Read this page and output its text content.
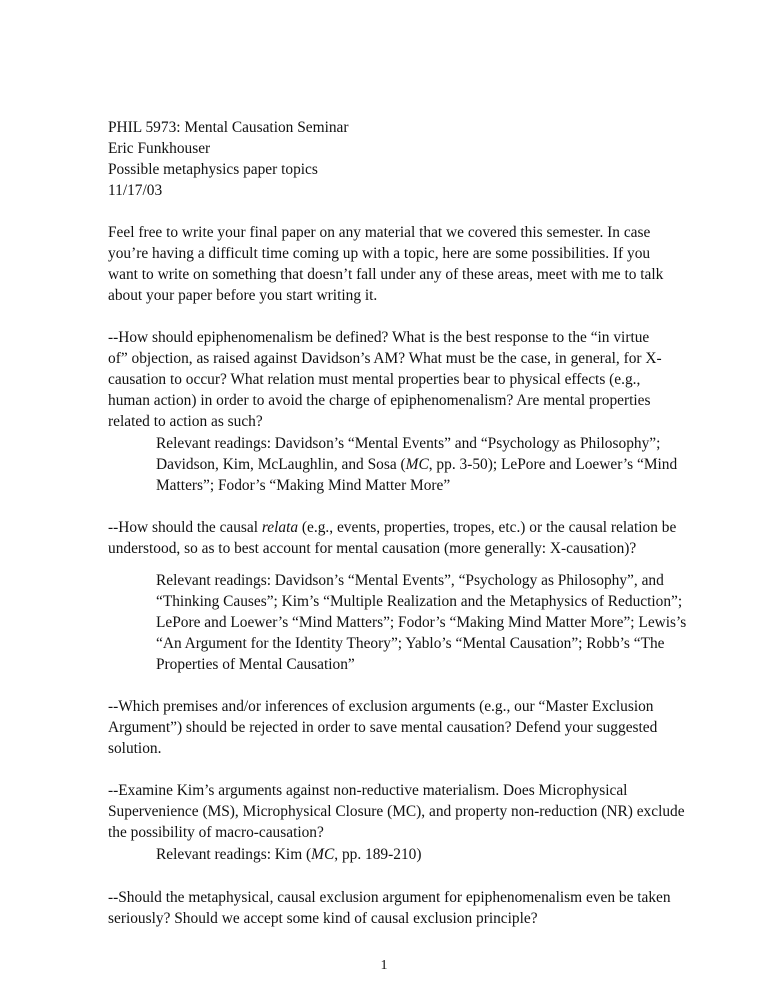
PHIL 5973: Mental Causation Seminar
Eric Funkhouser
Possible metaphysics paper topics
11/17/03
Feel free to write your final paper on any material that we covered this semester. In case
you’re having a difficult time coming up with a topic, here are some possibilities. If you
want to write on something that doesn’t fall under any of these areas, meet with me to talk
about your paper before you start writing it.
--How should epiphenomenalism be defined? What is the best response to the “in virtue
of” objection, as raised against Davidson’s AM? What must be the case, in general, for X-
causation to occur? What relation must mental properties bear to physical effects (e.g.,
human action) in order to avoid the charge of epiphenomenalism? Are mental properties
related to action as such?
Relevant readings: Davidson’s “Mental Events” and “Psychology as Philosophy”;
Davidson, Kim, McLaughlin, and Sosa (MC, pp. 3-50); LePore and Loewer’s “Mind
Matters”; Fodor’s “Making Mind Matter More”
--How should the causal relata (e.g., events, properties, tropes, etc.) or the causal relation be
understood, so as to best account for mental causation (more generally: X-causation)?
Relevant readings: Davidson’s “Mental Events”, “Psychology as Philosophy”, and
“Thinking Causes”; Kim’s “Multiple Realization and the Metaphysics of Reduction”;
LePore and Loewer’s “Mind Matters”; Fodor’s “Making Mind Matter More”; Lewis’s
“An Argument for the Identity Theory”; Yablo’s “Mental Causation”; Robb’s “The
Properties of Mental Causation”
--Which premises and/or inferences of exclusion arguments (e.g., our “Master Exclusion
Argument”) should be rejected in order to save mental causation? Defend your suggested
solution.
--Examine Kim’s arguments against non-reductive materialism. Does Microphysical
Supervenience (MS), Microphysical Closure (MC), and property non-reduction (NR) exclude
the possibility of macro-causation?
Relevant readings: Kim (MC, pp. 189-210)
--Should the metaphysical, causal exclusion argument for epiphenomenalism even be taken
seriously? Should we accept some kind of causal exclusion principle?
1
